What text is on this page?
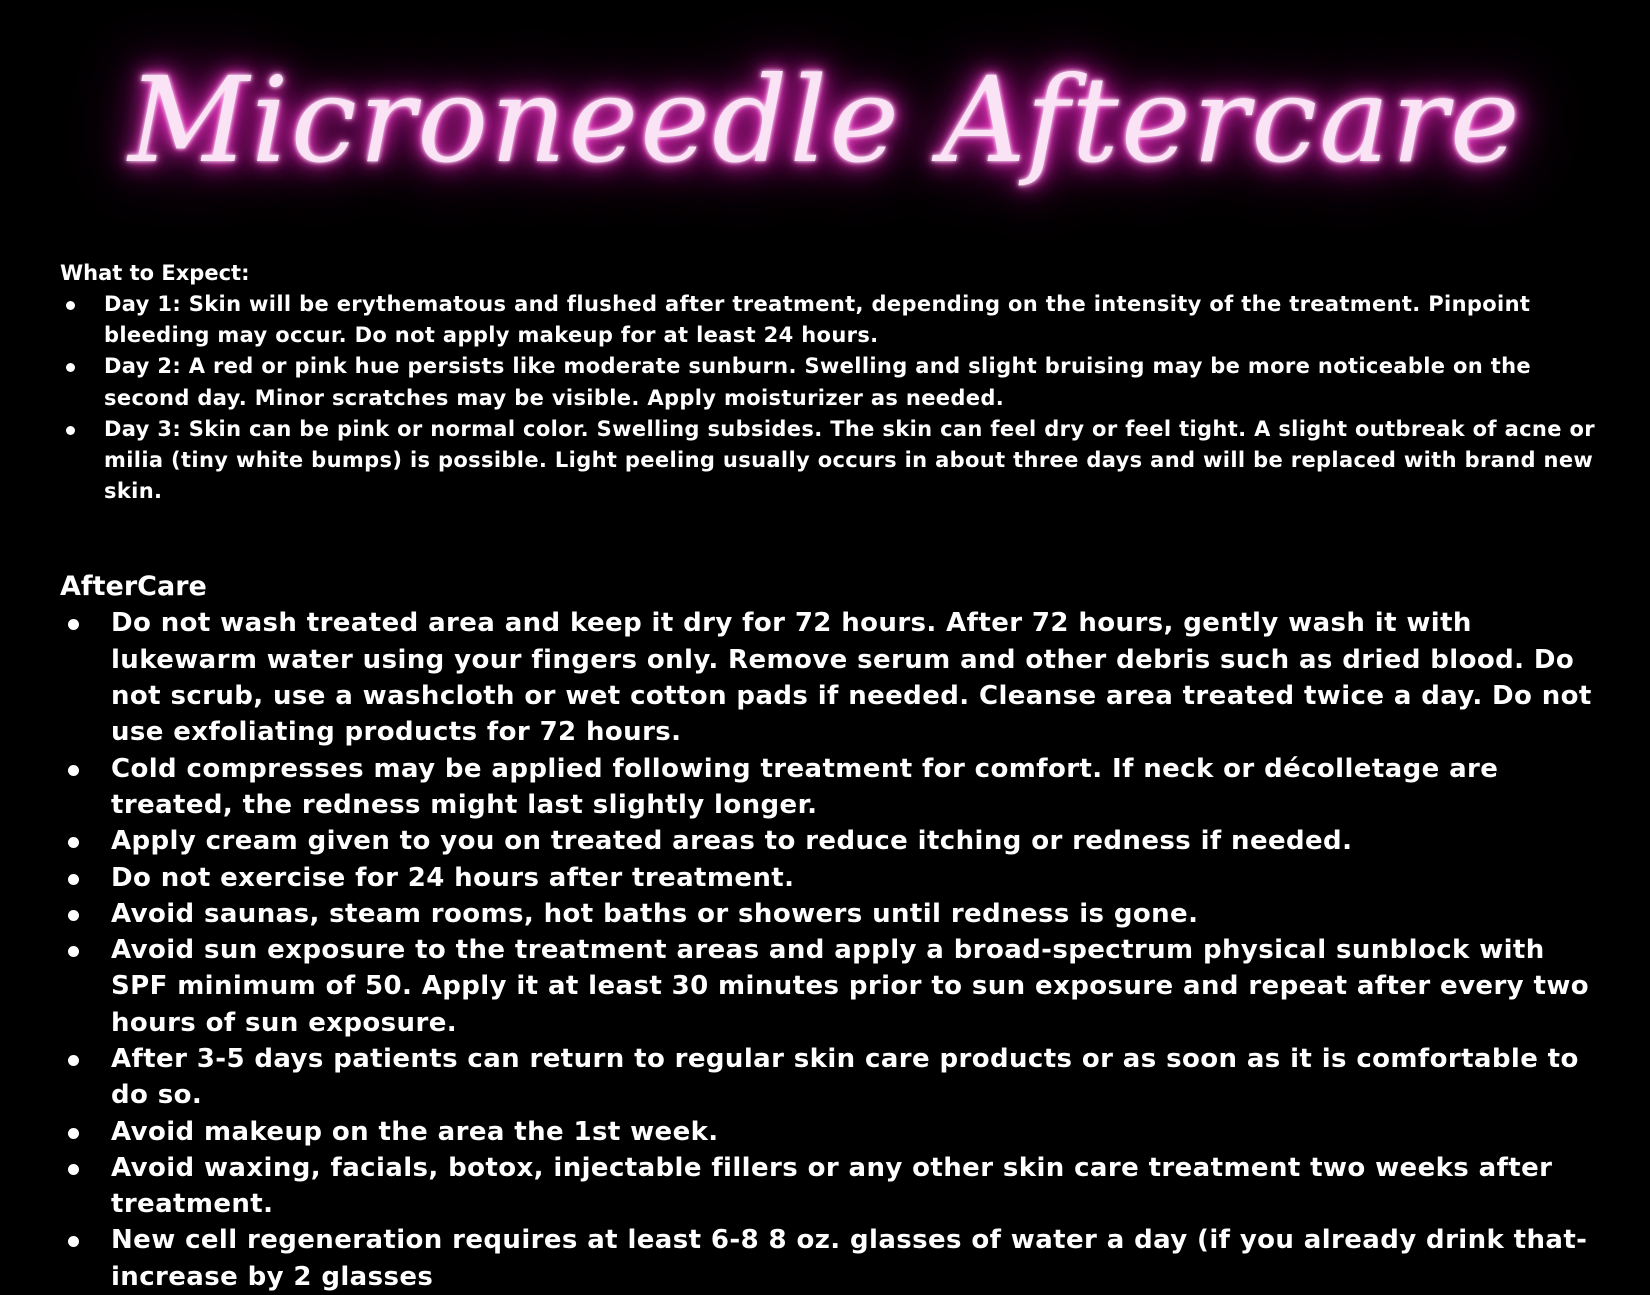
Microneedle Aftercare

What to Expect:

Day 1: Skin will be erythematous and flushed after treatment, depending on the intensity of the treatment. Pinpoint bleeding may occur. Do not apply makeup for at least 24 hours.
Day 2: A red or pink hue persists like moderate sunburn. Swelling and slight bruising may be more noticeable on the second day. Minor scratches may be visible. Apply moisturizer as needed.
Day 3: Skin can be pink or normal color. Swelling subsides. The skin can feel dry or feel tight. A slight outbreak of acne or milia (tiny white bumps) is possible. Light peeling usually occurs in about three days and will be replaced with brand new skin.

AfterCare

Do not wash treated area and keep it dry for 72 hours. After 72 hours, gently wash it with lukewarm water using your fingers only. Remove serum and other debris such as dried blood. Do not scrub, use a washcloth or wet cotton pads if needed. Cleanse area treated twice a day. Do not use exfoliating products for 72 hours.
Cold compresses may be applied following treatment for comfort. If neck or décolletage are treated, the redness might last slightly longer.
Apply cream given to you on treated areas to reduce itching or redness if needed.
Do not exercise for 24 hours after treatment.
Avoid saunas, steam rooms, hot baths or showers until redness is gone.
Avoid sun exposure to the treatment areas and apply a broad-spectrum physical sunblock with SPF minimum of 50. Apply it at least 30 minutes prior to sun exposure and repeat after every two hours of sun exposure.
After 3-5 days patients can return to regular skin care products or as soon as it is comfortable to do so.
Avoid makeup on the area the 1st week.
Avoid waxing, facials, botox, injectable fillers or any other skin care treatment two weeks after treatment.
New cell regeneration requires at least 6-8 8 oz. glasses of water a day (if you already drink that- increase by 2 glasses
